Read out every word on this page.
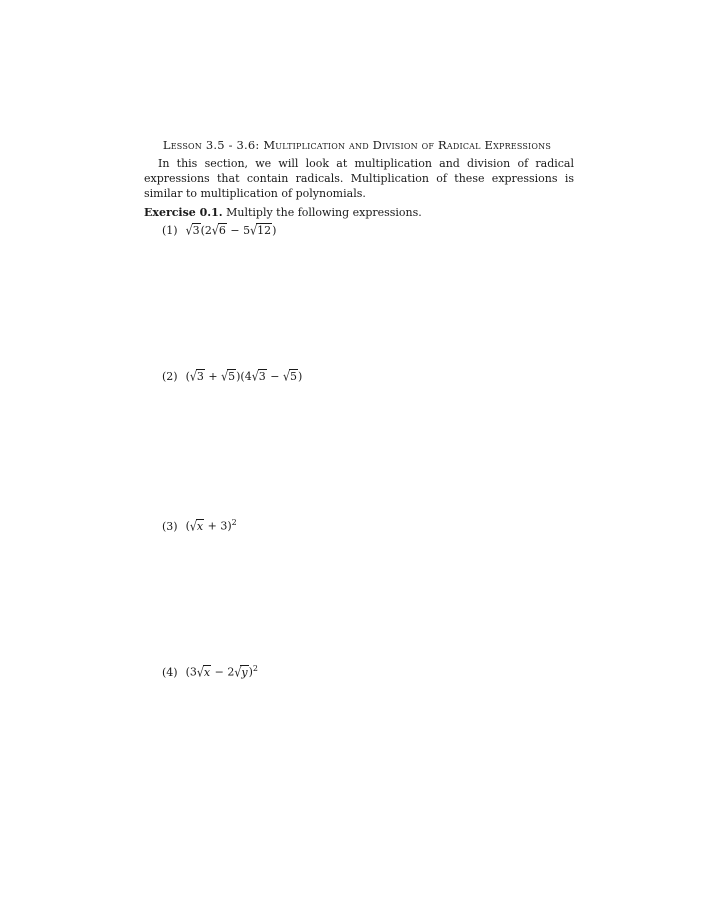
Lesson 3.5 - 3.6: Multiplication and Division of Radical Expressions
In this section, we will look at multiplication and division of radical expressions that contain radicals. Multiplication of these expressions is similar to multiplication of polynomials.
Exercise 0.1. Multiply the following expressions.
(1) √3(2√6 − 5√12)
(2) (√3 + √5)(4√3 − √5)
(3) $(√x + 3)^2$
(4) $(3√x - 2√y)^2$
